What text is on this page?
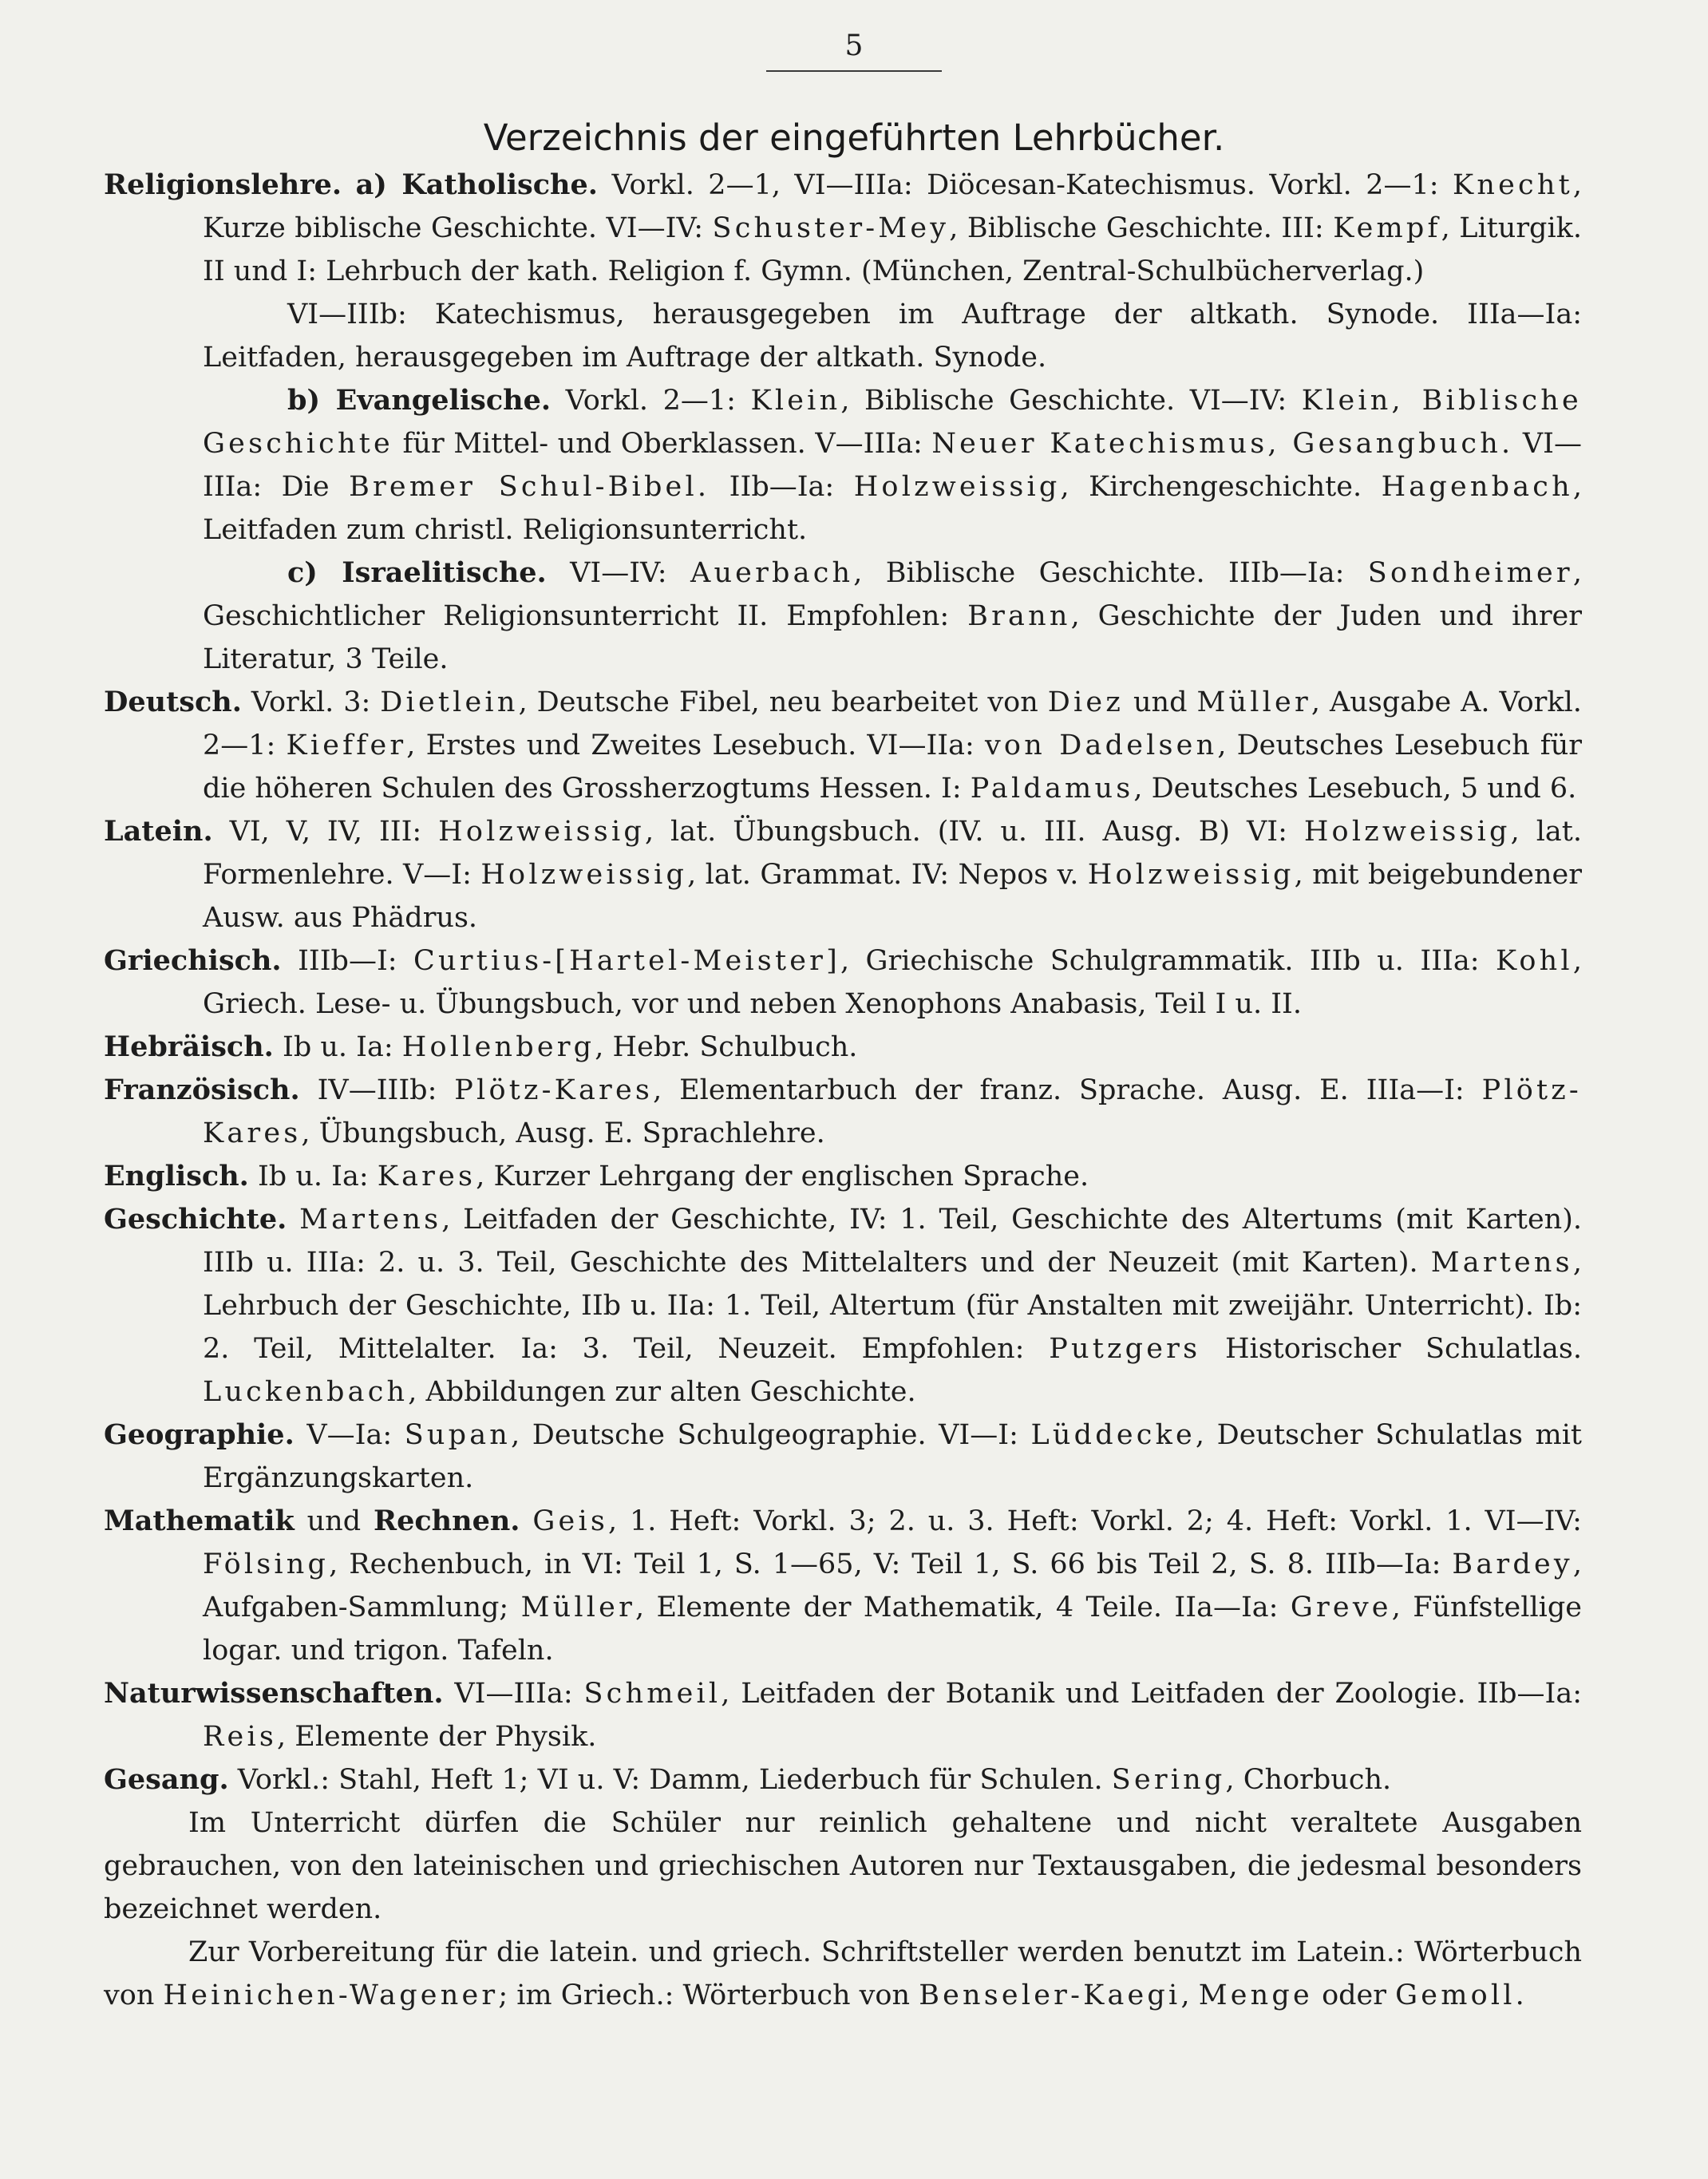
5
Verzeichnis der eingeführten Lehrbücher.
Religionslehre. a) Katholische. Vorkl. 2—1, VI—IIIa: Diöcesan-Katechismus. Vorkl. 2—1: Knecht, Kurze biblische Geschichte. VI—IV: Schuster-Mey, Biblische Geschichte. III: Kempf, Liturgik. II und I: Lehrbuch der kath. Religion f. Gymn. (München, Zentral-Schulbücherverlag.)
VI—IIIb: Katechismus, herausgegeben im Auftrage der altkath. Synode. IIIa—Ia: Leitfaden, herausgegeben im Auftrage der altkath. Synode.
b) Evangelische. Vorkl. 2—1: Klein, Biblische Geschichte. VI—IV: Klein, Biblische Geschichte für Mittel- und Oberklassen. V—IIIa: Neuer Katechismus, Gesangbuch. VI—IIIa: Die Bremer Schul-Bibel. IIb—Ia: Holzweissig, Kirchengeschichte. Hagenbach, Leitfaden zum christl. Religionsunterricht.
c) Israelitische. VI—IV: Auerbach, Biblische Geschichte. IIIb—Ia: Sondheimer, Geschichtlicher Religionsunterricht II. Empfohlen: Brann, Geschichte der Juden und ihrer Literatur, 3 Teile.
Deutsch. Vorkl. 3: Dietlein, Deutsche Fibel, neu bearbeitet von Diez und Müller, Ausgabe A. Vorkl. 2—1: Kieffer, Erstes und Zweites Lesebuch. VI—IIa: von Dadelsen, Deutsches Lesebuch für die höheren Schulen des Grossherzogtums Hessen. I: Paldamus, Deutsches Lesebuch, 5 und 6.
Latein. VI, V, IV, III: Holzweissig, lat. Übungsbuch. (IV. u. III. Ausg. B) VI: Holzweissig, lat. Formenlehre. V—I: Holzweissig, lat. Grammat. IV: Nepos v. Holzweissig, mit beigebundener Ausw. aus Phädrus.
Griechisch. IIIb—I: Curtius-[Hartel-Meister], Griechische Schulgrammatik. IIIb u. IIIa: Kohl, Griech. Lese- u. Übungsbuch, vor und neben Xenophons Anabasis, Teil I u. II.
Hebräisch. Ib u. Ia: Hollenberg, Hebr. Schulbuch.
Französisch. IV—IIIb: Plötz-Kares, Elementarbuch der franz. Sprache. Ausg. E. IIIa—I: Plötz-Kares, Übungsbuch, Ausg. E. Sprachlehre.
Englisch. Ib u. Ia: Kares, Kurzer Lehrgang der englischen Sprache.
Geschichte. Martens, Leitfaden der Geschichte, IV: 1. Teil, Geschichte des Altertums (mit Karten). IIIb u. IIIa: 2. u. 3. Teil, Geschichte des Mittelalters und der Neuzeit (mit Karten). Martens, Lehrbuch der Geschichte, IIb u. IIa: 1. Teil, Altertum (für Anstalten mit zweijähr. Unterricht). Ib: 2. Teil, Mittelalter. Ia: 3. Teil, Neuzeit. Empfohlen: Putzgers Historischer Schulatlas. Luckenbach, Abbildungen zur alten Geschichte.
Geographie. V—Ia: Supan, Deutsche Schulgeographie. VI—I: Lüddecke, Deutscher Schulatlas mit Ergänzungskarten.
Mathematik und Rechnen. Geis, 1. Heft: Vorkl. 3; 2. u. 3. Heft: Vorkl. 2; 4. Heft: Vorkl. 1. VI—IV: Fölsing, Rechenbuch, in VI: Teil 1, S. 1—65, V: Teil 1, S. 66 bis Teil 2, S. 8. IIIb—Ia: Bardey, Aufgaben-Sammlung; Müller, Elemente der Mathematik, 4 Teile. IIa—Ia: Greve, Fünfstellige logar. und trigon. Tafeln.
Naturwissenschaften. VI—IIIa: Schmeil, Leitfaden der Botanik und Leitfaden der Zoologie. IIb—Ia: Reis, Elemente der Physik.
Gesang. Vorkl.: Stahl, Heft 1; VI u. V: Damm, Liederbuch für Schulen. Sering, Chorbuch.
Im Unterricht dürfen die Schüler nur reinlich gehaltene und nicht veraltete Ausgaben gebrauchen, von den lateinischen und griechischen Autoren nur Textausgaben, die jedesmal besonders bezeichnet werden.
Zur Vorbereitung für die latein. und griech. Schriftsteller werden benutzt im Latein.: Wörterbuch von Heinichen-Wagener; im Griech.: Wörterbuch von Benseler-Kaegi, Menge oder Gemoll.
